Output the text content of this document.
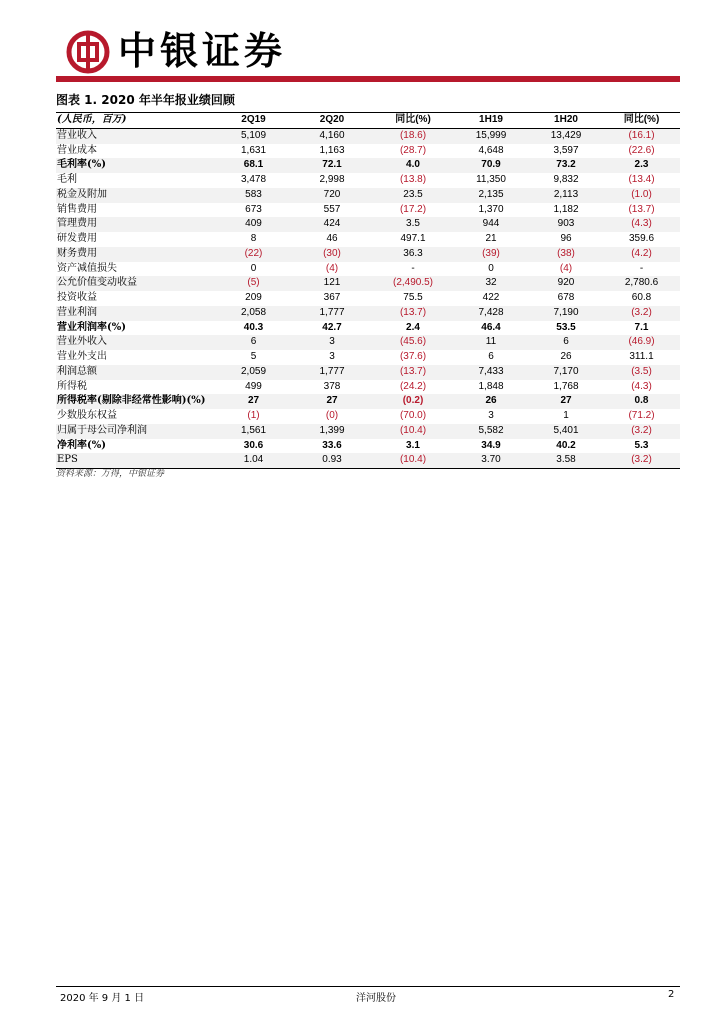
中银证券
图表 1. 2020 年半年报业绩回顾
(人民币，百万)	2Q19	2Q20	同比(%)	1H19	1H20	同比(%)
营业收入	5,109	4,160	(18.6)	15,999	13,429	(16.1)
营业成本	1,631	1,163	(28.7)	4,648	3,597	(22.6)
毛利率(%)	68.1	72.1	4.0	70.9	73.2	2.3
毛利	3,478	2,998	(13.8)	11,350	9,832	(13.4)
税金及附加	583	720	23.5	2,135	2,113	(1.0)
销售费用	673	557	(17.2)	1,370	1,182	(13.7)
管理费用	409	424	3.5	944	903	(4.3)
研发费用	8	46	497.1	21	96	359.6
财务费用	(22)	(30)	36.3	(39)	(38)	(4.2)
资产减值损失	0	(4)	-	0	(4)	-
公允价值变动收益	(5)	121	(2,490.5)	32	920	2,780.6
投资收益	209	367	75.5	422	678	60.8
营业利润	2,058	1,777	(13.7)	7,428	7,190	(3.2)
营业利润率(%)	40.3	42.7	2.4	46.4	53.5	7.1
营业外收入	6	3	(45.6)	11	6	(46.9)
营业外支出	5	3	(37.6)	6	26	311.1
利润总额	2,059	1,777	(13.7)	7,433	7,170	(3.5)
所得税	499	378	(24.2)	1,848	1,768	(4.3)
所得税率(剔除非经常性影响)(%)	27	27	(0.2)	26	27	0.8
少数股东权益	(1)	(0)	(70.0)	3	1	(71.2)
归属于母公司净利润	1,561	1,399	(10.4)	5,582	5,401	(3.2)
净利率(%)	30.6	33.6	3.1	34.9	40.2	5.3
EPS	1.04	0.93	(10.4)	3.70	3.58	(3.2)
资料来源：万得，中银证券
2020 年 9 月 1 日	洋河股份	2
